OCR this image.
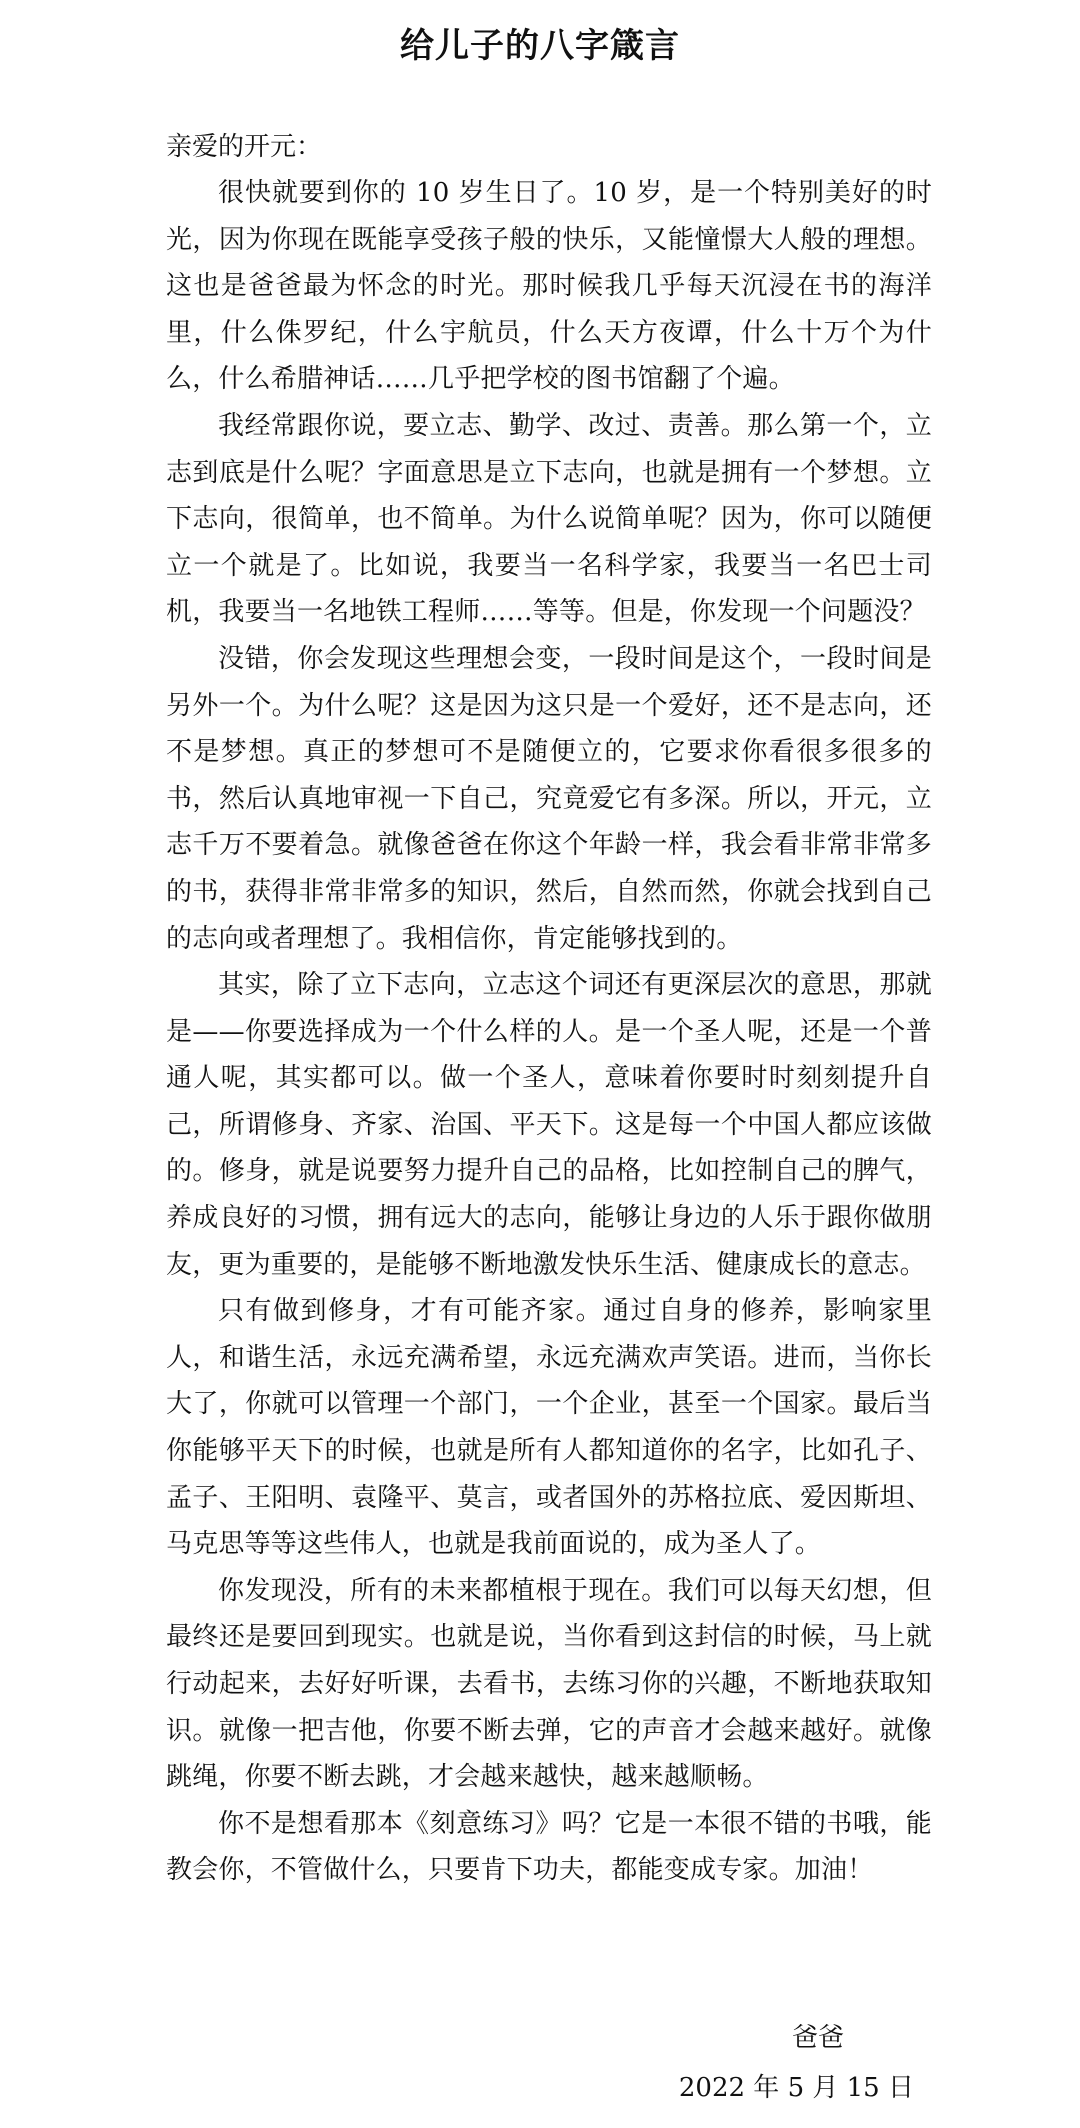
给儿子的八字箴言
亲爱的开元：

很快就要到你的 10 岁生日了。10 岁，是一个特别美好的时光，因为你现在既能享受孩子般的快乐，又能憧憬大人般的理想。这也是爸爸最为怀念的时光。那时候我几乎每天沉浸在书的海洋里，什么侏罗纪，什么宇航员，什么天方夜谭，什么十万个为什么，什么希腊神话……几乎把学校的图书馆翻了个遍。

我经常跟你说，要立志、勤学、改过、责善。那么第一个，立志到底是什么呢？字面意思是立下志向，也就是拥有一个梦想。立下志向，很简单，也不简单。为什么说简单呢？因为，你可以随便立一个就是了。比如说，我要当一名科学家，我要当一名巴士司机，我要当一名地铁工程师……等等。但是，你发现一个问题没？

没错，你会发现这些理想会变，一段时间是这个，一段时间是另外一个。为什么呢？这是因为这只是一个爱好，还不是志向，还不是梦想。真正的梦想可不是随便立的，它要求你看很多很多的书，然后认真地审视一下自己，究竟爱它有多深。所以，开元，立志千万不要着急。就像爸爸在你这个年龄一样，我会看非常非常多的书，获得非常非常多的知识，然后，自然而然，你就会找到自己的志向或者理想了。我相信你，肯定能够找到的。

其实，除了立下志向，立志这个词还有更深层次的意思，那就是——你要选择成为一个什么样的人。是一个圣人呢，还是一个普通人呢，其实都可以。做一个圣人，意味着你要时时刻刻提升自己，所谓修身、齐家、治国、平天下。这是每一个中国人都应该做的。修身，就是说要努力提升自己的品格，比如控制自己的脾气，养成良好的习惯，拥有远大的志向，能够让身边的人乐于跟你做朋友，更为重要的，是能够不断地激发快乐生活、健康成长的意志。

只有做到修身，才有可能齐家。通过自身的修养，影响家里人，和谐生活，永远充满希望，永远充满欢声笑语。进而，当你长大了，你就可以管理一个部门，一个企业，甚至一个国家。最后当你能够平天下的时候，也就是所有人都知道你的名字，比如孔子、孟子、王阳明、袁隆平、莫言，或者国外的苏格拉底、爱因斯坦、马克思等等这些伟人，也就是我前面说的，成为圣人了。

你发现没，所有的未来都植根于现在。我们可以每天幻想，但最终还是要回到现实。也就是说，当你看到这封信的时候，马上就行动起来，去好好听课，去看书，去练习你的兴趣，不断地获取知识。就像一把吉他，你要不断去弹，它的声音才会越来越好。就像跳绳，你要不断去跳，才会越来越快，越来越顺畅。

你不是想看那本《刻意练习》吗？它是一本很不错的书哦，能教会你，不管做什么，只要肯下功夫，都能变成专家。加油！

爸爸
2022 年 5 月 15 日
